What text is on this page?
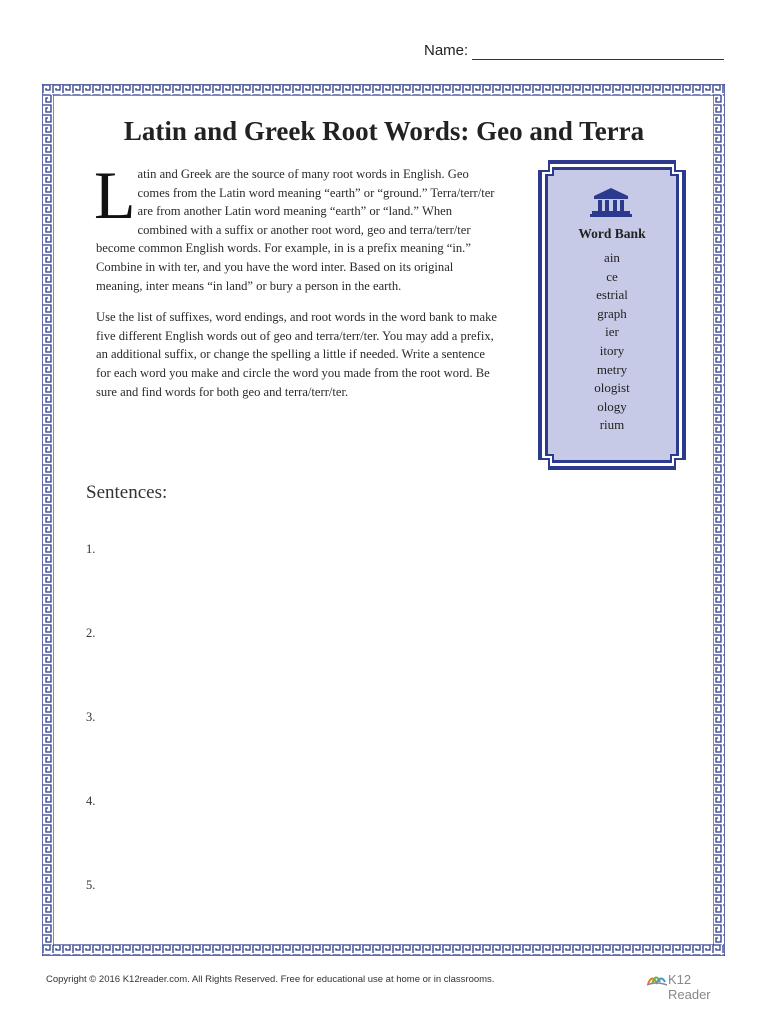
Name:
Latin and Greek Root Words: Geo and Terra

Latin and Greek are the source of many root words in English. Geo comes from the Latin word meaning “earth” or “ground.” Terra/terr/ter are from another Latin word meaning “earth” or “land.” When combined with a suffix or another root word, geo and terra/terr/ter become common English words. For example, in is a prefix meaning “in.” Combine in with ter, and you have the word inter. Based on its original meaning, inter means “in land” or bury a person in the earth.

Use the list of suffixes, word endings, and root words in the word bank to make five different English words out of geo and terra/terr/ter. You may add a prefix, an additional suffix, or change the spelling a little if needed. Write a sentence for each word you make and circle the word you made from the root word. Be sure and find words for both geo and terra/terr/ter.

Word Bank
ain
ce
estrial
graph
ier
itory
metry
ologist
ology
rium
Sentences:
1.
2.
3.
4.
5.
Copyright © 2016 K12reader.com. All Rights Reserved. Free for educational use at home or in classrooms.	K12 Reader
